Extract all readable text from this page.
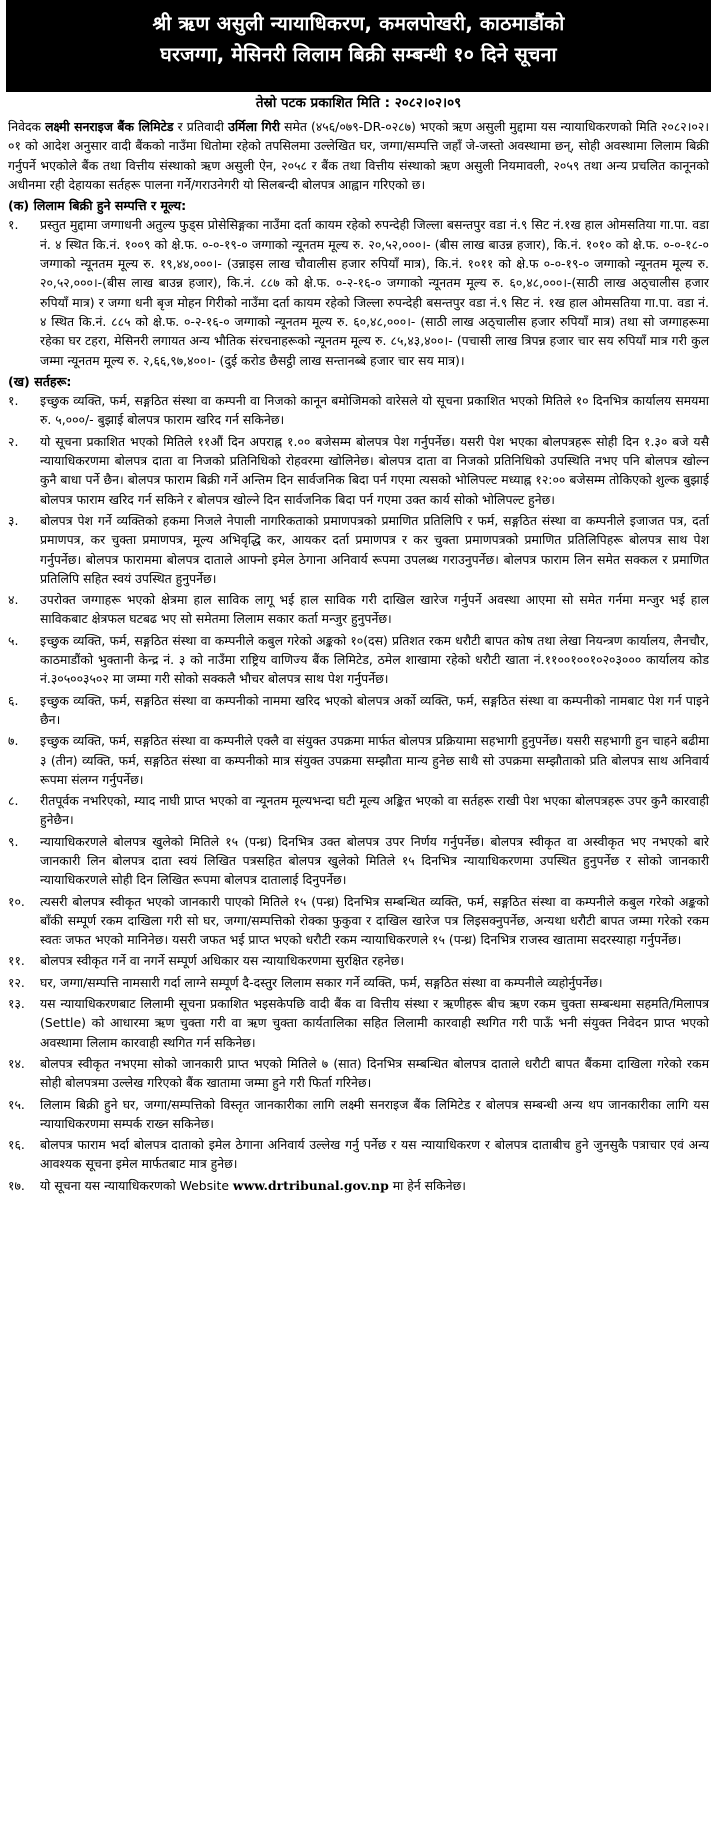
श्री ऋण असुली न्यायाधिकरण, कमलपोखरी, काठमाडौंको
घरजग्गा, मेसिनरी लिलाम बिक्री सम्बन्धी १० दिने सूचना
तेस्रो पटक प्रकाशित मिति : २०८२।०२।०९

निवेदक लक्ष्मी सनराइज बैंक लिमिटेड र प्रतिवादी उर्मिला गिरी समेत (४५६/०७९-DR-०२८७) भएको ऋण असुली मुद्दामा यस न्यायाधिकरणको मिति २०८२।०२।०१ को आदेश अनुसार वादी बैंकको नाउँमा धितोमा रहेको तपसिलमा उल्लेखित घर, जग्गा/सम्पत्ति जहाँ जे-जस्तो अवस्थामा छन्, सोही अवस्थामा लिलाम बिक्री गर्नुपर्ने भएकोले बैंक तथा वित्तीय संस्थाको ऋण असुली ऐन, २०५८ र बैंक तथा वित्तीय संस्थाको ऋण असुली नियमावली, २०५९ तथा अन्य प्रचलित कानूनको अधीनमा रही देहायका सर्तहरू पालना गर्ने/गराउनेगरी यो सिलबन्दी बोलपत्र आह्वान गरिएको छ।

(क) लिलाम बिक्री हुने सम्पत्ति र मूल्य:
१.	प्रस्तुत मुद्दामा जग्गाधनी अतुल्य फुड्स प्रोसेसिङ्गका नाउँमा दर्ता कायम रहेको रुपन्देही जिल्ला बसन्तपुर वडा नं.९ सिट नं.१ख हाल ओमसतिया गा.पा. वडा नं. ४ स्थित कि.नं. १००९ को क्षे.फ. ०-०-१९-० जग्गाको न्यूनतम मूल्य रु. २०,५२,०००।- (बीस लाख बाउन्न हजार), कि.नं. १०१० को क्षे.फ. ०-०-१८-० जग्गाको न्यूनतम मूल्य रु. १९,४४,०००।- (उन्नाइस लाख चौवालीस हजार रुपियाँ मात्र), कि.नं. १०११ को क्षे.फ ०-०-१९-० जग्गाको न्यूनतम मूल्य रु. २०,५२,०००।-(बीस लाख बाउन्न हजार), कि.नं. ८८७ को क्षे.फ. ०-२-१६-० जग्गाको न्यूनतम मूल्य रु. ६०,४८,०००।-(साठी लाख अठ्चालीस हजार रुपियाँ मात्र) र जग्गा धनी बृज मोहन गिरीको नाउँमा दर्ता कायम रहेको जिल्ला रुपन्देही बसन्तपुर वडा नं.९ सिट नं. १ख हाल ओमसतिया गा.पा. वडा नं. ४ स्थित कि.नं. ८८५ को क्षे.फ. ०-२-१६-० जग्गाको न्यूनतम मूल्य रु. ६०,४८,०००।- (साठी लाख अठ्चालीस हजार रुपियाँ मात्र) तथा सो जग्गाहरूमा रहेका घर टहरा, मेसिनरी लगायत अन्य भौतिक संरचनाहरूको न्यूनतम मूल्य रु. ८५,४३,४००।- (पचासी लाख त्रिपन्न हजार चार सय रुपियाँ मात्र गरी कुल जम्मा न्यूनतम मूल्य रु. २,६६,९७,४००।- (दुई करोड छैसट्ठी लाख सन्तानब्बे हजार चार सय मात्र)।
(ख) सर्तहरू:
१.	इच्छुक व्यक्ति, फर्म, सङ्गठित संस्था वा कम्पनी वा निजको कानून बमोजिमको वारेसले यो सूचना प्रकाशित भएको मितिले १० दिनभित्र कार्यालय समयमा रु. ५,०००/- बुझाई बोलपत्र फाराम खरिद गर्न सकिनेछ।
२.	यो सूचना प्रकाशित भएको मितिले ११औं दिन अपराह्न १.०० बजेसम्म बोलपत्र पेश गर्नुपर्नेछ। यसरी पेश भएका बोलपत्रहरू सोही दिन १.३० बजे यसै न्यायाधिकरणमा बोलपत्र दाता वा निजको प्रतिनिधिको रोहवरमा खोलिनेछ। बोलपत्र दाता वा निजको प्रतिनिधिको उपस्थिति नभए पनि बोलपत्र खोल्न कुनै बाधा पर्ने छैन। बोलपत्र फाराम बिक्री गर्ने अन्तिम दिन सार्वजनिक बिदा पर्न गएमा त्यसको भोलिपल्ट मध्याह्न १२:०० बजेसम्म तोकिएको शुल्क बुझाई बोलपत्र फाराम खरिद गर्न सकिने र बोलपत्र खोल्ने दिन सार्वजनिक बिदा पर्न गएमा उक्त कार्य सोको भोलिपल्ट हुनेछ।
३.	बोलपत्र पेश गर्ने व्यक्तिको हकमा निजले नेपाली नागरिकताको प्रमाणपत्रको प्रमाणित प्रतिलिपि र फर्म, सङ्गठित संस्था वा कम्पनीले इजाजत पत्र, दर्ता प्रमाणपत्र, कर चुक्ता प्रमाणपत्र, मूल्य अभिवृद्धि कर, आयकर दर्ता प्रमाणपत्र र कर चुक्ता प्रमाणपत्रको प्रमाणित प्रतिलिपिहरू बोलपत्र साथ पेश गर्नुपर्नेछ। बोलपत्र फाराममा बोलपत्र दाताले आफ्नो इमेल ठेगाना अनिवार्य रूपमा उपलब्ध गराउनुपर्नेछ। बोलपत्र फाराम लिन समेत सक्कल र प्रमाणित प्रतिलिपि सहित स्वयं उपस्थित हुनुपर्नेछ।
४.	उपरोक्त जग्गाहरू भएको क्षेत्रमा हाल साविक लागू भई हाल साविक गरी दाखिल खारेज गर्नुपर्ने अवस्था आएमा सो समेत गर्नमा मन्जुर भई हाल साविकबाट क्षेत्रफल घटबढ भए सो समेतमा लिलाम सकार कर्ता मन्जुर हुनुपर्नेछ।
५.	इच्छुक व्यक्ति, फर्म, सङ्गठित संस्था वा कम्पनीले कबुल गरेको अङ्कको १०(दस) प्रतिशत रकम धरौटी बापत कोष तथा लेखा नियन्त्रण कार्यालय, लैनचौर, काठमाडौंको भुक्तानी केन्द्र नं. ३ को नाउँमा राष्ट्रिय वाणिज्य बैंक लिमिटेड, ठमेल शाखामा रहेको धरौटी खाता नं.११००१००१०२०३००० कार्यालय कोड नं.३०५००३५०२ मा जम्मा गरी सोको सक्कलै भौचर बोलपत्र साथ पेश गर्नुपर्नेछ।
६.	इच्छुक व्यक्ति, फर्म, सङ्गठित संस्था वा कम्पनीको नाममा खरिद भएको बोलपत्र अर्को व्यक्ति, फर्म, सङ्गठित संस्था वा कम्पनीको नामबाट पेश गर्न पाइने छैन।
७.	इच्छुक व्यक्ति, फर्म, सङ्गठित संस्था वा कम्पनीले एक्लै वा संयुक्त उपक्रमा मार्फत बोलपत्र प्रक्रियामा सहभागी हुनुपर्नेछ। यसरी सहभागी हुन चाहने बढीमा ३ (तीन) व्यक्ति, फर्म, सङ्गठित संस्था वा कम्पनीको मात्र संयुक्त उपक्रमा सम्झौता मान्य हुनेछ साथै सो उपक्रमा सम्झौताको प्रति बोलपत्र साथ अनिवार्य रूपमा संलग्न गर्नुपर्नेछ।
८.	रीतपूर्वक नभरिएको, म्याद नाघी प्राप्त भएको वा न्यूनतम मूल्यभन्दा घटी मूल्य अङ्कित भएको वा सर्तहरू राखी पेश भएका बोलपत्रहरू उपर कुनै कारवाही हुनेछैन।
९.	न्यायाधिकरणले बोलपत्र खुलेको मितिले १५ (पन्ध्र) दिनभित्र उक्त बोलपत्र उपर निर्णय गर्नुपर्नेछ। बोलपत्र स्वीकृत वा अस्वीकृत भए नभएको बारे जानकारी लिन बोलपत्र दाता स्वयं लिखित पत्रसहित बोलपत्र खुलेको मितिले १५ दिनभित्र न्यायाधिकरणमा उपस्थित हुनुपर्नेछ र सोको जानकारी न्यायाधिकरणले सोही दिन लिखित रूपमा बोलपत्र दातालाई दिनुपर्नेछ।
१०.	त्यसरी बोलपत्र स्वीकृत भएको जानकारी पाएको मितिले १५ (पन्ध्र) दिनभित्र सम्बन्धित व्यक्ति, फर्म, सङ्गठित संस्था वा कम्पनीले कबुल गरेको अङ्कको बाँकी सम्पूर्ण रकम दाखिला गरी सो घर, जग्गा/सम्पत्तिको रोक्का फुकुवा र दाखिल खारेज पत्र लिइसक्नुपर्नेछ, अन्यथा धरौटी बापत जम्मा गरेको रकम स्वतः जफत भएको मानिनेछ। यसरी जफत भई प्राप्त भएको धरौटी रकम न्यायाधिकरणले १५ (पन्ध्र) दिनभित्र राजस्व खातामा सदरस्याहा गर्नुपर्नेछ।
११.	बोलपत्र स्वीकृत गर्ने वा नगर्ने सम्पूर्ण अधिकार यस न्यायाधिकरणमा सुरक्षित रहनेछ।
१२.	घर, जग्गा/सम्पत्ति नामसारी गर्दा लाग्ने सम्पूर्ण दै-दस्तुर लिलाम सकार गर्ने व्यक्ति, फर्म, सङ्गठित संस्था वा कम्पनीले व्यहोर्नुपर्नेछ।
१३.	यस न्यायाधिकरणबाट लिलामी सूचना प्रकाशित भइसकेपछि वादी बैंक वा वित्तीय संस्था र ऋणीहरू बीच ऋण रकम चुक्ता सम्बन्धमा सहमति/मिलापत्र (Settle) को आधारमा ऋण चुक्ता गरी वा ऋण चुक्ता कार्यतालिका सहित लिलामी कारवाही स्थगित गरी पाऊँ भनी संयुक्त निवेदन प्राप्त भएको अवस्थामा लिलाम कारवाही स्थगित गर्न सकिनेछ।
१४.	बोलपत्र स्वीकृत नभएमा सोको जानकारी प्राप्त भएको मितिले ७ (सात) दिनभित्र सम्बन्धित बोलपत्र दाताले धरौटी बापत बैंकमा दाखिला गरेको रकम सोही बोलपत्रमा उल्लेख गरिएको बैंक खातामा जम्मा हुने गरी फिर्ता गरिनेछ।
१५.	लिलाम बिक्री हुने घर, जग्गा/सम्पत्तिको विस्तृत जानकारीका लागि लक्ष्मी सनराइज बैंक लिमिटेड र बोलपत्र सम्बन्धी अन्य थप जानकारीका लागि यस न्यायाधिकरणमा सम्पर्क राख्न सकिनेछ।
१६.	बोलपत्र फाराम भर्दा बोलपत्र दाताको इमेल ठेगाना अनिवार्य उल्लेख गर्नु पर्नेछ र यस न्यायाधिकरण र बोलपत्र दाताबीच हुने जुनसुकै पत्राचार एवं अन्य आवश्यक सूचना इमेल मार्फतबाट मात्र हुनेछ।
१७.	यो सूचना यस न्यायाधिकरणको Website www.drtribunal.gov.np मा हेर्न सकिनेछ।
